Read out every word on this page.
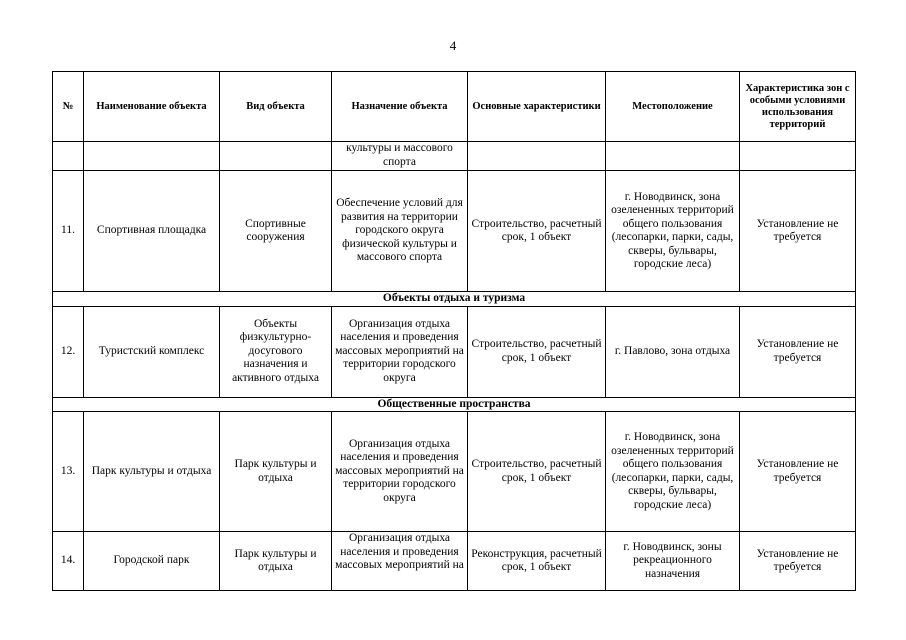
4
№	Наименование объекта	Вид объекта	Назначение объекта	Основные характеристики	Местоположение	Характеристика зон с особыми условиями использования территорий
			культуры и массового спорта			
11.	Спортивная площадка	Спортивные сооружения	Обеспечение условий для развития на территории городского округа физической культуры и массового спорта	Строительство, расчетный срок, 1 объект	г. Новодвинск, зона озелененных территорий общего пользования (лесопарки, парки, сады, скверы, бульвары, городские леса)	Установление не требуется
Объекты отдыха и туризма						
12.	Туристский комплекс	Объекты физкультурно-досугового назначения и активного отдыха	Организация отдыха населения и проведения массовых мероприятий на территории городского округа	Строительство, расчетный срок, 1 объект	г. Павлово, зона отдыха	Установление не требуется
Общественные пространства						
13.	Парк культуры и отдыха	Парк культуры и отдыха	Организация отдыха населения и проведения массовых мероприятий на территории городского округа	Строительство, расчетный срок, 1 объект	г. Новодвинск, зона озелененных территорий общего пользования (лесопарки, парки, сады, скверы, бульвары, городские леса)	Установление не требуется
14.	Городской парк	Парк культуры и отдыха	Организация отдыха населения и проведения массовых мероприятий на	Реконструкция, расчетный срок, 1 объект	г. Новодвинск, зоны рекреационного назначения	Установление не требуется
